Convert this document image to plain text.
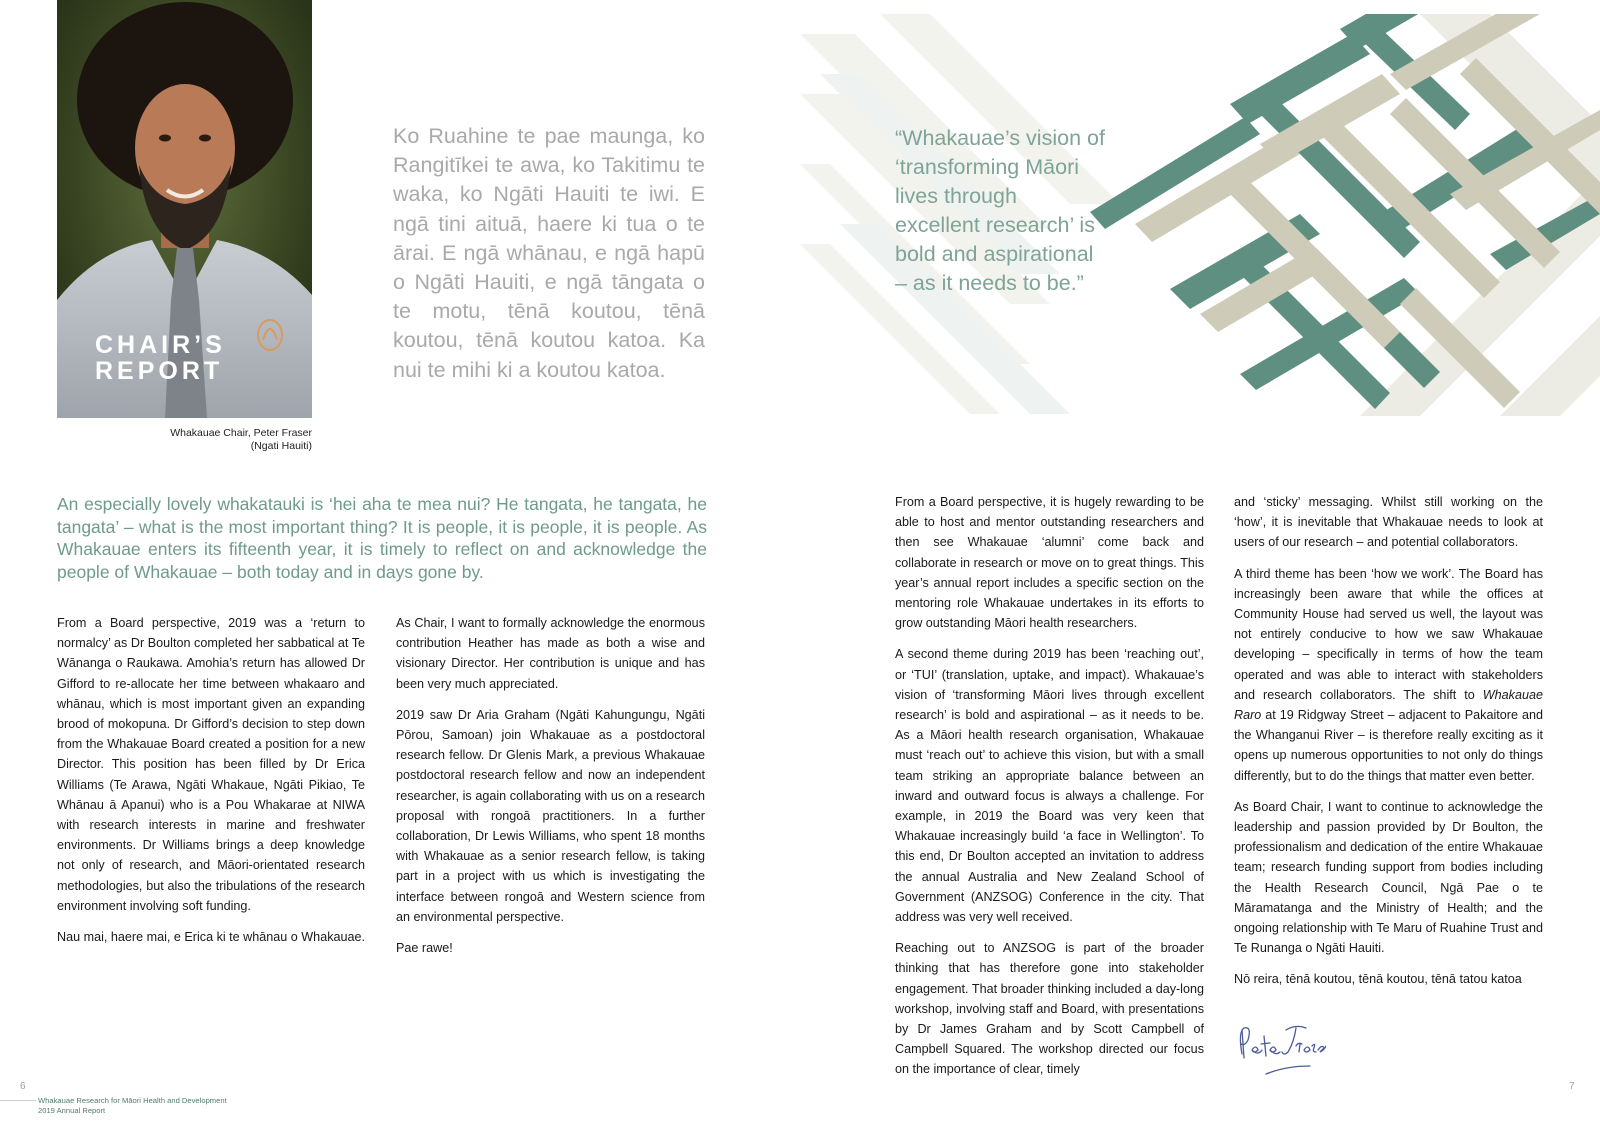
CHAIR’S
REPORT
Whakauae Chair, Peter Fraser
(Ngati Hauiti)
Ko Ruahine te pae maunga, ko Rangitīkei te awa, ko Takitimu te waka, ko Ngāti Hauiti te iwi. E ngā tini aituā, haere ki tua o te ārai. E ngā whānau, e ngā hapū o Ngāti Hauiti, e ngā tāngata o te motu, tēnā koutou, tēnā koutou, tēnā koutou katoa. Ka nui te mihi ki a koutou katoa.
“Whakauae’s vision of ‘transforming Māori lives through excellent research’ is bold and aspirational – as it needs to be.”
An especially lovely whakatauki is ‘hei aha te mea nui? He tangata, he tangata, he tangata’ – what is the most important thing? It is people, it is people, it is people. As Whakauae enters its fifteenth year, it is timely to reflect on and acknowledge the people of Whakauae – both today and in days gone by.

From a Board perspective, 2019 was a ‘return to normalcy’ as Dr Boulton completed her sabbatical at Te Wānanga o Raukawa. Amohia’s return has allowed Dr Gifford to re-allocate her time between whakaaro and whānau, which is most important given an expanding brood of mokopuna. Dr Gifford’s decision to step down from the Whakauae Board created a position for a new Director. This position has been filled by Dr Erica Williams (Te Arawa, Ngāti Whakaue, Ngāti Pikiao, Te Whānau ā Apanui) who is a Pou Whakarae at NIWA with research interests in marine and freshwater environments. Dr Williams brings a deep knowledge not only of research, and Māori-orientated research methodologies, but also the tribulations of the research environment involving soft funding.

Nau mai, haere mai, e Erica ki te whānau o Whakauae.

As Chair, I want to formally acknowledge the enormous contribution Heather has made as both a wise and visionary Director. Her contribution is unique and has been very much appreciated.

2019 saw Dr Aria Graham (Ngāti Kahungungu, Ngāti Pōrou, Samoan) join Whakauae as a postdoctoral research fellow. Dr Glenis Mark, a previous Whakauae postdoctoral research fellow and now an independent researcher, is again collaborating with us on a research proposal with rongoā practitioners. In a further collaboration, Dr Lewis Williams, who spent 18 months with Whakauae as a senior research fellow, is taking part in a project with us which is investigating the interface between rongoā and Western science from an environmental perspective.

Pae rawe!

From a Board perspective, it is hugely rewarding to be able to host and mentor outstanding researchers and then see Whakauae ‘alumni’ come back and collaborate in research or move on to great things. This year’s annual report includes a specific section on the mentoring role Whakauae undertakes in its efforts to grow outstanding Māori health researchers.

A second theme during 2019 has been ‘reaching out’, or ‘TUI’ (translation, uptake, and impact). Whakauae’s vision of ‘transforming Māori lives through excellent research’ is bold and aspirational – as it needs to be. As a Māori health research organisation, Whakauae must ‘reach out’ to achieve this vision, but with a small team striking an appropriate balance between an inward and outward focus is always a challenge. For example, in 2019 the Board was very keen that Whakauae increasingly build ‘a face in Wellington’. To this end, Dr Boulton accepted an invitation to address the annual Australia and New Zealand School of Government (ANZSOG) Conference in the city. That address was very well received.

Reaching out to ANZSOG is part of the broader thinking that has therefore gone into stakeholder engagement. That broader thinking included a day-long workshop, involving staff and Board, with presentations by Dr James Graham and by Scott Campbell of Campbell Squared. The workshop directed our focus on the importance of clear, timely

and ‘sticky’ messaging. Whilst still working on the ‘how’, it is inevitable that Whakauae needs to look at users of our research – and potential collaborators.

A third theme has been ‘how we work’. The Board has increasingly been aware that while the offices at Community House had served us well, the layout was not entirely conducive to how we saw Whakauae developing – specifically in terms of how the team operated and was able to interact with stakeholders and research collaborators. The shift to Whakauae Raro at 19 Ridgway Street – adjacent to Pakaitore and the Whanganui River – is therefore really exciting as it opens up numerous opportunities to not only do things differently, but to do the things that matter even better.

As Board Chair, I want to continue to acknowledge the leadership and passion provided by Dr Boulton, the professionalism and dedication of the entire Whakauae team; research funding support from bodies including the Health Research Council, Ngā Pae o te Māramatanga and the Ministry of Health; and the ongoing relationship with Te Maru of Ruahine Trust and Te Runanga o Ngāti Hauiti.

Nō reira, tēnā koutou, tēnā koutou, tēnā tatou katoa

6	7
Whakauae Research for Māori Health and Development
2019 Annual Report
